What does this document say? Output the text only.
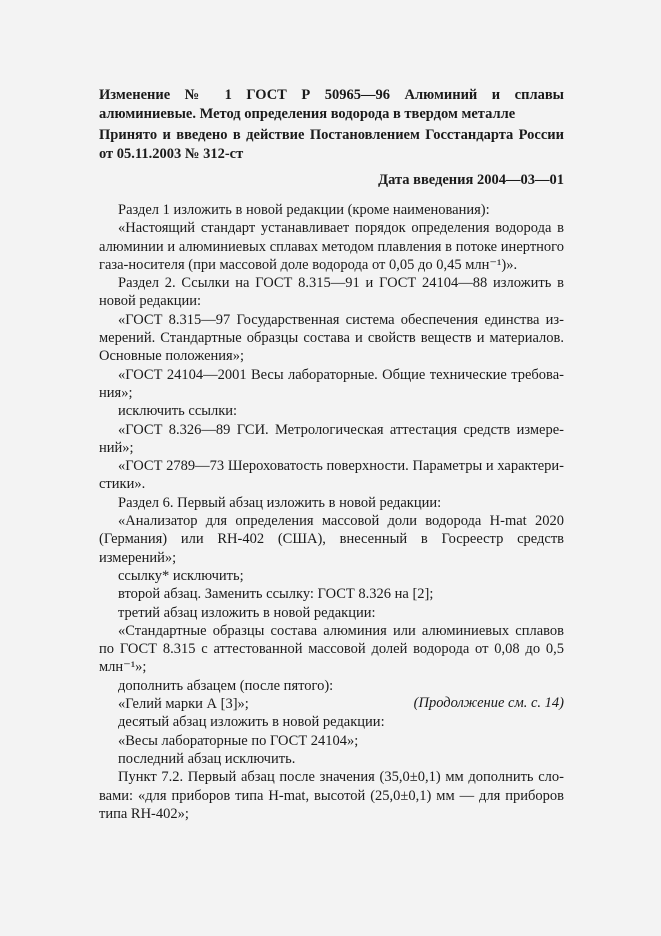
Изменение № 1 ГОСТ Р 50965—96 Алюминий и сплавы алюминиевые. Метод определения водорода в твердом металле

Принято и введено в действие Постановлением Госстандарта России от 05.11.2003 № 312-ст

Дата введения 2004—03—01

Раздел 1 изложить в новой редакции (кроме наименования):

«Настоящий стандарт устанавливает порядок определения водорода в алюминии и алюминиевых сплавах методом плавления в потоке инертного газа-носителя (при массовой доле водорода от 0,05 до 0,45 млн⁻¹)».

Раздел 2. Ссылки на ГОСТ 8.315—91 и ГОСТ 24104—88 изложить в новой редакции:

«ГОСТ 8.315—97 Государственная система обеспечения единства измерений. Стандартные образцы состава и свойств веществ и материалов. Основные положения»;

«ГОСТ 24104—2001 Весы лабораторные. Общие технические требования»;

исключить ссылки:

«ГОСТ 8.326—89 ГСИ. Метрологическая аттестация средств измерений»;

«ГОСТ 2789—73 Шероховатость поверхности. Параметры и характеристики».

Раздел 6. Первый абзац изложить в новой редакции:

«Анализатор для определения массовой доли водорода H-mat 2020 (Германия) или RH-402 (США), внесенный в Госреестр средств измерений»;

ссылку* исключить;

второй абзац. Заменить ссылку: ГОСТ 8.326 на [2];

третий абзац изложить в новой редакции:

«Стандартные образцы состава алюминия или алюминиевых сплавов по ГОСТ 8.315 с аттестованной массовой долей водорода от 0,08 до 0,5 млн⁻¹»;

дополнить абзацем (после пятого):

«Гелий марки А [3]»;

десятый абзац изложить в новой редакции:

«Весы лабораторные по ГОСТ 24104»;

последний абзац исключить.

Пункт 7.2. Первый абзац после значения (35,0±0,1) мм дополнить словами: «для приборов типа H-mat, высотой (25,0±0,1) мм — для приборов типа RH-402»;

(Продолжение см. с. 14)
